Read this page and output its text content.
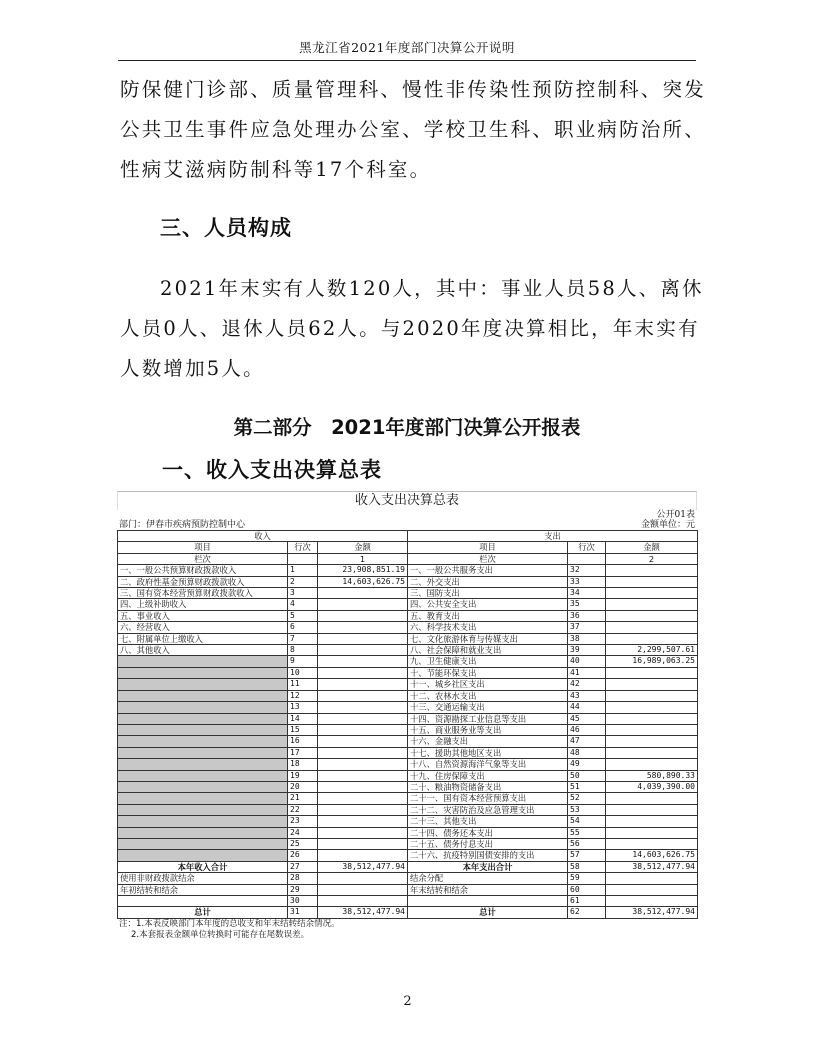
黑龙江省2021年度部门决算公开说明
防保健门诊部、质量管理科、慢性非传染性预防控制科、突发
公共卫生事件应急处理办公室、学校卫生科、职业病防治所、
性病艾滋病防制科等17个科室。
三、人员构成
2021年末实有人数120人，其中：事业人员58人、离休
人员0人、退休人员62人。与2020年度决算相比，年末实有
人数增加5人。
第二部分　2021年度部门决算公开报表
一、收入支出决算总表
收入支出决算总表
公开01表
部门：伊春市疾病预防控制中心	金额单位：元
收入			支出		
项目	行次	金额	项目	行次	金额
栏次		1	栏次		2
一、一般公共预算财政拨款收入	1	23,908,851.19	一、一般公共服务支出	32	
二、政府性基金预算财政拨款收入	2	14,603,626.75	二、外交支出	33	
三、国有资本经营预算财政拨款收入	3		三、国防支出	34	
四、上级补助收入	4		四、公共安全支出	35	
五、事业收入	5		五、教育支出	36	
六、经营收入	6		六、科学技术支出	37	
七、附属单位上缴收入	7		七、文化旅游体育与传媒支出	38	
八、其他收入	8		八、社会保障和就业支出	39	2,299,507.61
	9		九、卫生健康支出	40	16,989,063.25
	10		十、节能环保支出	41	
	11		十一、城乡社区支出	42	
	12		十二、农林水支出	43	
	13		十三、交通运输支出	44	
	14		十四、资源勘探工业信息等支出	45	
	15		十五、商业服务业等支出	46	
	16		十六、金融支出	47	
	17		十七、援助其他地区支出	48	
	18		十八、自然资源海洋气象等支出	49	
	19		十九、住房保障支出	50	580,890.33
	20		二十、粮油物资储备支出	51	4,039,390.00
	21		二十一、国有资本经营预算支出	52	
	22		二十二、灾害防治及应急管理支出	53	
	23		二十三、其他支出	54	
	24		二十四、债务还本支出	55	
	25		二十五、债务付息支出	56	
	26		二十六、抗疫特别国债安排的支出	57	14,603,626.75
本年收入合计	27	38,512,477.94	本年支出合计	58	38,512,477.94
使用非财政拨款结余	28		结余分配	59	
年初结转和结余	29		年末结转和结余	60	
	30			61	
总计	31	38,512,477.94	总计	62	38,512,477.94
注：1.本表反映部门本年度的总收支和年末结转结余情况。
2.本套报表金额单位转换时可能存在尾数误差。
2
